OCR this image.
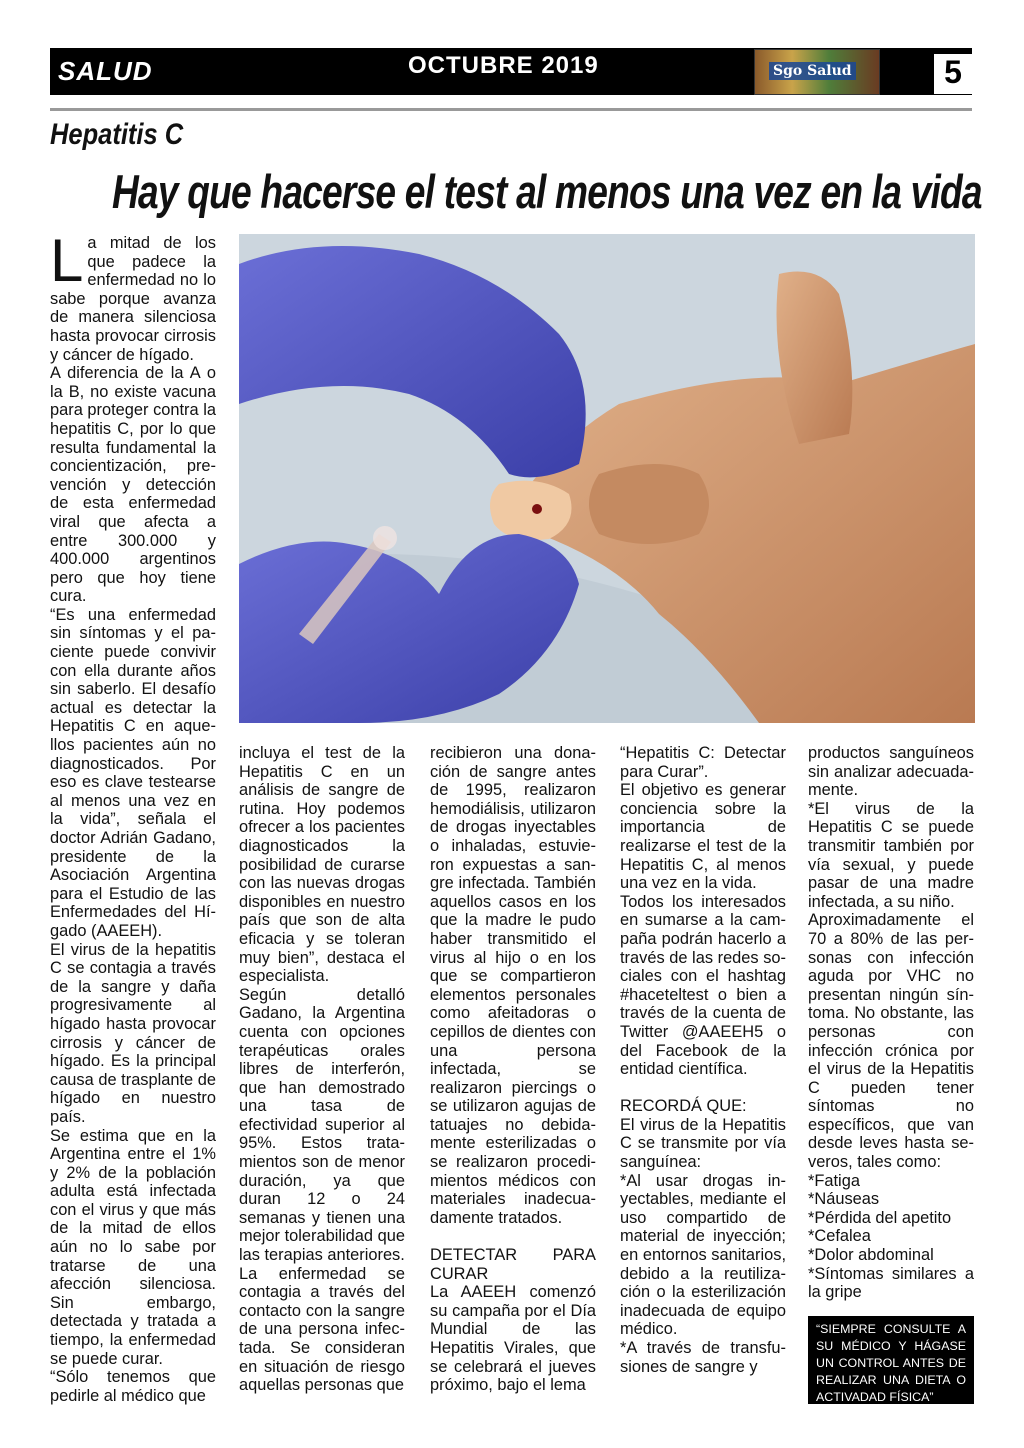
SALUD	OCTUBRE 2019	Sgo Salud	5
Hepatitis C
Hay que hacerse el test al menos una vez en la vida

La mitad de los que padece la enfermedad no lo sabe porque avanza de manera silenciosa hasta provocar cirrosis y cáncer de hígado.

A diferencia de la A o la B, no existe vacuna para proteger contra la hepatitis C, por lo que resulta fundamental la concientización, prevención y detección de esta enfermedad viral que afecta a entre 300.000 y 400.000 argentinos pero que hoy tiene cura.

“Es una enfermedad sin síntomas y el paciente puede convivir con ella durante años sin saberlo. El desafío actual es detectar la Hepatitis C en aquellos pacientes aún no diagnosticados. Por eso es clave testearse al menos una vez en la vida”, señala el doctor Adrián Gadano, presidente de la Asociación Argentina para el Estudio de las Enfermedades del Hígado (AAEEH).

El virus de la hepatitis C se contagia a través de la sangre y daña progresivamente al hígado hasta provocar cirrosis y cáncer de hígado. Es la principal causa de trasplante de hígado en nuestro país.

Se estima que en la Argentina entre el 1% y 2% de la población adulta está infectada con el virus y que más de la mitad de ellos aún no lo sabe por tratarse de una afección silenciosa. Sin embargo, detectada y tratada a tiempo, la enfermedad se puede curar.

“Sólo tenemos que pedirle al médico que

incluya el test de la Hepatitis C en un análisis de sangre de rutina. Hoy podemos ofrecer a los pacientes diagnosticados la posibilidad de curarse con las nuevas drogas disponibles en nuestro país que son de alta eficacia y se toleran muy bien”, destaca el especialista.

Según detalló Gadano, la Argentina cuenta con opciones terapéuticas orales libres de interferón, que han demostrado una tasa de efectividad superior al 95%. Estos tratamientos son de menor duración, ya que duran 12 o 24 semanas y tienen una mejor tolerabilidad que las terapias anteriores.

La enfermedad se contagia a través del contacto con la sangre de una persona infectada. Se consideran en situación de riesgo aquellas personas que

recibieron una donación de sangre antes de 1995, realizaron hemodiálisis, utilizaron de drogas inyectables o inhaladas, estuvieron expuestas a sangre infectada. También aquellos casos en los que la madre le pudo haber transmitido el virus al hijo o en los que se compartieron elementos personales como afeitadoras o cepillos de dientes con una persona infectada, se realizaron piercings o se utilizaron agujas de tatuajes no debidamente esterilizadas o se realizaron procedimientos médicos con materiales inadecuadamente tratados.

DETECTAR PARA CURAR

La AAEEH comenzó su campaña por el Día Mundial de las Hepatitis Virales, que se celebrará el jueves próximo, bajo el lema

“Hepatitis C: Detectar para Curar”.

El objetivo es generar conciencia sobre la importancia de realizarse el test de la Hepatitis C, al menos una vez en la vida.

Todos los interesados en sumarse a la campaña podrán hacerlo a través de las redes sociales con el hashtag #haceteltest o bien a través de la cuenta de Twitter @AAEEH5 o del Facebook de la entidad científica.

RECORDÁ QUE:

El virus de la Hepatitis C se transmite por vía sanguínea:

*Al usar drogas inyectables, mediante el uso compartido de material de inyección; en entornos sanitarios, debido a la reutilización o la esterilización inadecuada de equipo médico.

*A través de transfusiones de sangre y

productos sanguíneos sin analizar adecuadamente.

*El virus de la Hepatitis C se puede transmitir también por vía sexual, y puede pasar de una madre infectada, a su niño.

Aproximadamente el 70 a 80% de las personas con infección aguda por VHC no presentan ningún síntoma. No obstante, las personas con infección crónica por el virus de la Hepatitis C pueden tener síntomas no específicos, que van desde leves hasta severos, tales como:

*Fatiga

*Náuseas

*Pérdida del apetito

*Cefalea

*Dolor abdominal

*Síntomas similares a la gripe

“SIEMPRE CONSULTE A SU MÉDICO Y HÁGASE UN CONTROL ANTES DE REALIZAR UNA DIETA O ACTIVADAD FÍSICA”
